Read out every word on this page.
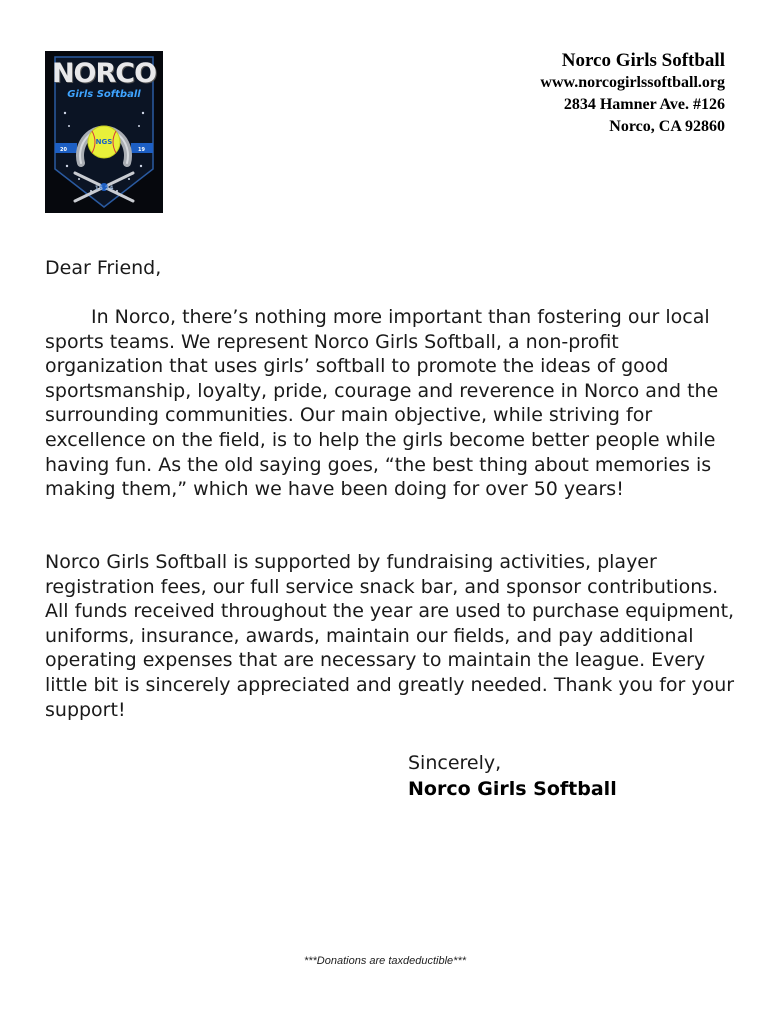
NORCO
Girls Softball
NGS
20	19
15 24
Norco Girls Softball
www.norcogirlssoftball.org
2834 Hamner Ave. #126
Norco, CA 92860

Dear Friend,

In Norco, there’s nothing more important than fostering our local sports teams. We represent Norco Girls Softball, a non-profit organization that uses girls’ softball to promote the ideas of good sportsmanship, loyalty, pride, courage and reverence in Norco and the surrounding communities. Our main objective, while striving for excellence on the field, is to help the girls become better people while having fun. As the old saying goes, “the best thing about memories is making them,” which we have been doing for over 50 years!

Norco Girls Softball is supported by fundraising activities, player registration fees, our full service snack bar, and sponsor contributions. All funds received throughout the year are used to purchase equipment, uniforms, insurance, awards, maintain our fields, and pay additional operating expenses that are necessary to maintain the league. Every little bit is sincerely appreciated and greatly needed. Thank you for your support!

Sincerely,
Norco Girls Softball
***Donations are taxdeductible***
